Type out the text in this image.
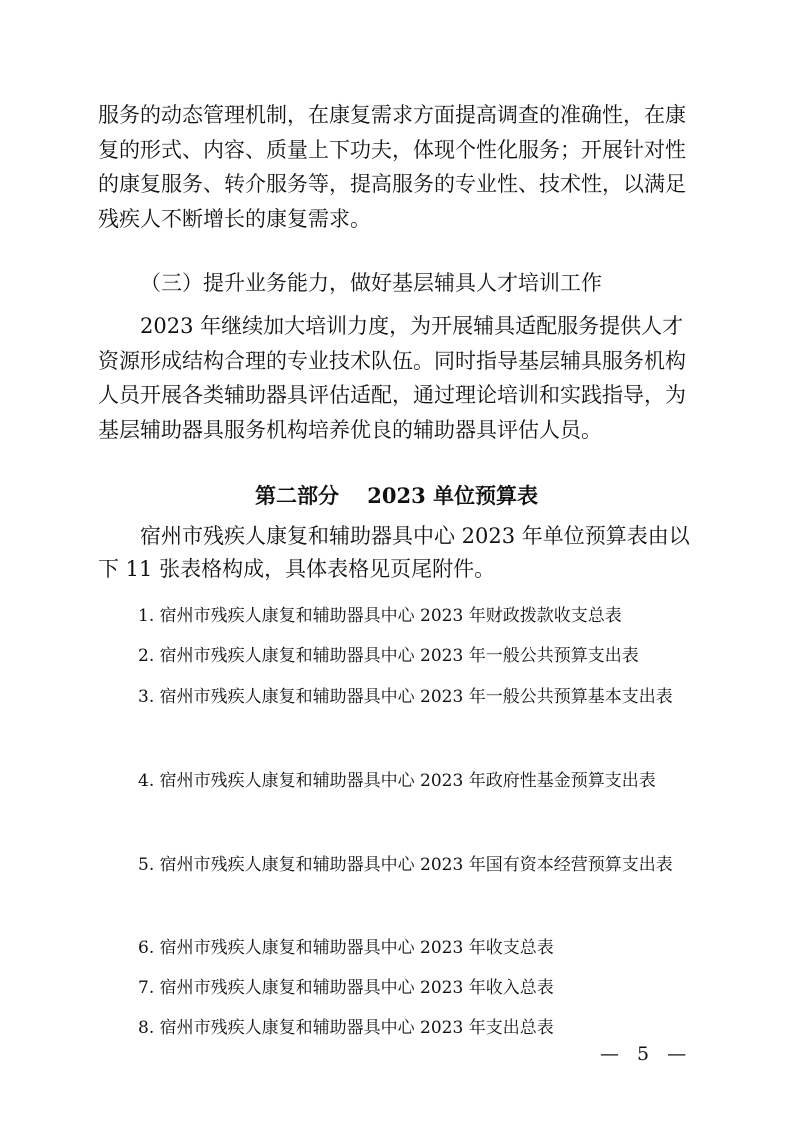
服务的动态管理机制，在康复需求方面提高调查的准确性，在康复的形式、内容、质量上下功夫，体现个性化服务；开展针对性的康复服务、转介服务等，提高服务的专业性、技术性，以满足残疾人不断增长的康复需求。

（三）提升业务能力，做好基层辅具人才培训工作

2023 年继续加大培训力度，为开展辅具适配服务提供人才资源形成结构合理的专业技术队伍。同时指导基层辅具服务机构人员开展各类辅助器具评估适配，通过理论培训和实践指导，为基层辅助器具服务机构培养优良的辅助器具评估人员。

第二部分　 2023 单位预算表

宿州市残疾人康复和辅助器具中心 2023 年单位预算表由以下 11 张表格构成，具体表格见页尾附件。

1. 宿州市残疾人康复和辅助器具中心 2023 年财政拨款收支总表
2. 宿州市残疾人康复和辅助器具中心 2023 年一般公共预算支出表
3. 宿州市残疾人康复和辅助器具中心 2023 年一般公共预算基本支出表
4. 宿州市残疾人康复和辅助器具中心 2023 年政府性基金预算支出表
5. 宿州市残疾人康复和辅助器具中心 2023 年国有资本经营预算支出表
6. 宿州市残疾人康复和辅助器具中心 2023 年收支总表
7. 宿州市残疾人康复和辅助器具中心 2023 年收入总表
8. 宿州市残疾人康复和辅助器具中心 2023 年支出总表
— 5 —
